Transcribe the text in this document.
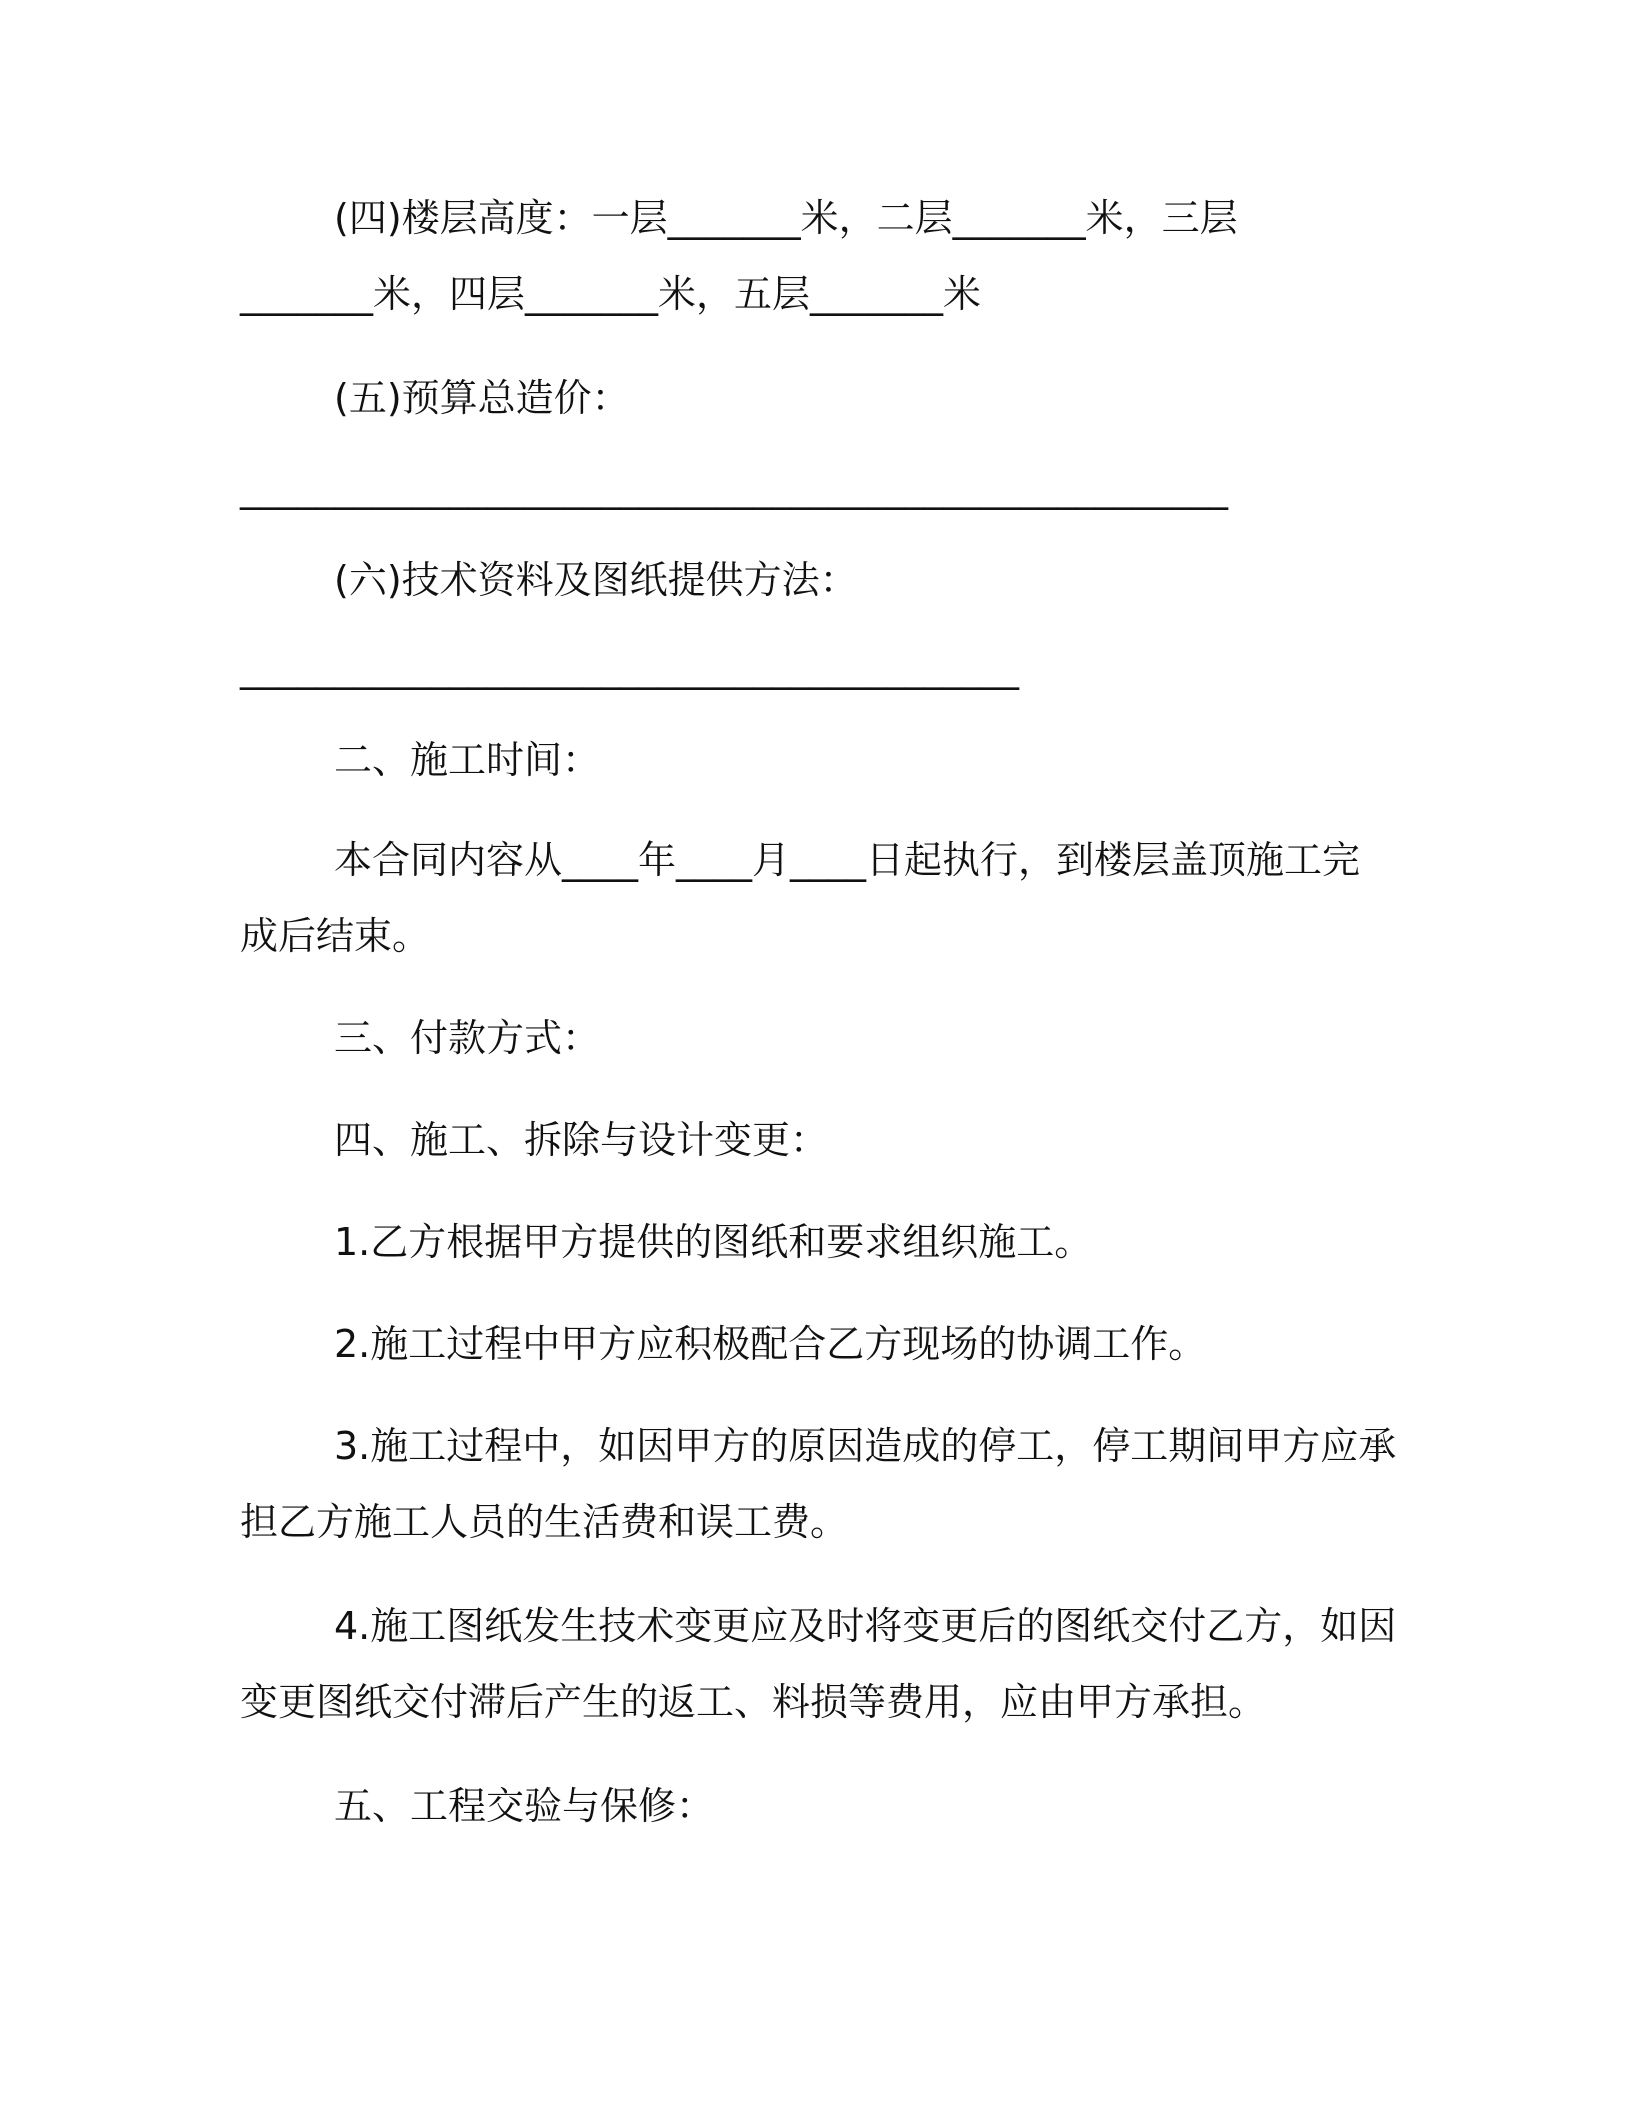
(四)楼层高度：一层_______米，二层_______米，三层

_______米，四层_______米，五层_______米

(五)预算总造价：

____________________________________________________

(六)技术资料及图纸提供方法：

_________________________________________

二、施工时间：

本合同内容从____年____月____日起执行，到楼层盖顶施工完

成后结束。

三、付款方式：

四、施工、拆除与设计变更：

1.乙方根据甲方提供的图纸和要求组织施工。

2.施工过程中甲方应积极配合乙方现场的协调工作。

3.施工过程中，如因甲方的原因造成的停工，停工期间甲方应承

担乙方施工人员的生活费和误工费。

4.施工图纸发生技术变更应及时将变更后的图纸交付乙方，如因

变更图纸交付滞后产生的返工、料损等费用，应由甲方承担。

五、工程交验与保修：
